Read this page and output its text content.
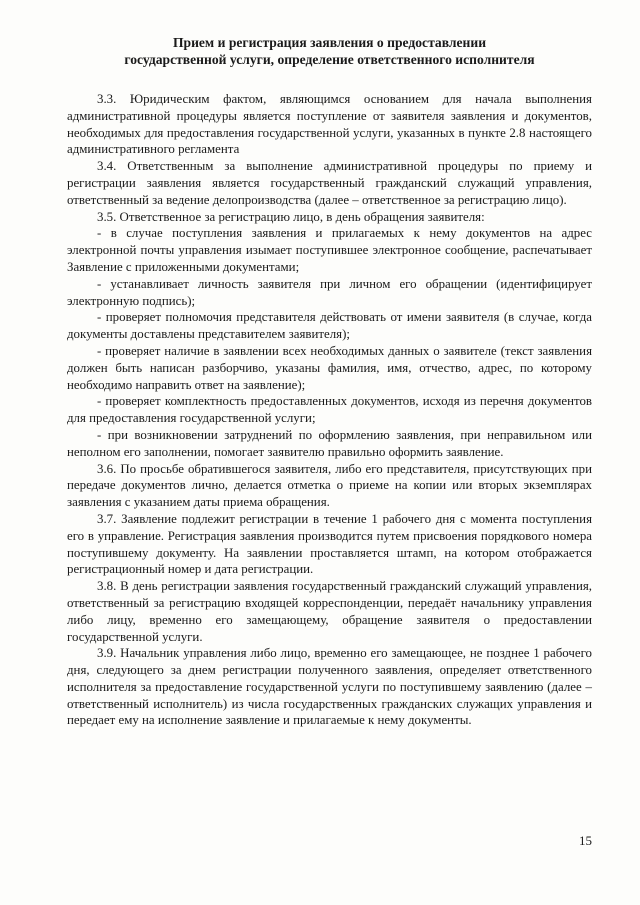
Прием и регистрация заявления о предоставлении
государственной услуги, определение ответственного исполнителя

3.3. Юридическим фактом, являющимся основанием для начала выполнения административной процедуры является поступление от заявителя заявления и документов, необходимых для предоставления государственной услуги, указанных в пункте 2.8 настоящего административного регламента

3.4. Ответственным за выполнение административной процедуры по приему и регистрации заявления является государственный гражданский служащий управления, ответственный за ведение делопроизводства (далее – ответственное за регистрацию лицо).

3.5. Ответственное за регистрацию лицо, в день обращения заявителя:

- в случае поступления заявления и прилагаемых к нему документов на адрес электронной почты управления изымает поступившее электронное сообщение, распечатывает Заявление с приложенными документами;

- устанавливает личность заявителя при личном его обращении (идентифицирует электронную подпись);

- проверяет полномочия представителя действовать от имени заявителя (в случае, когда документы доставлены представителем заявителя);

- проверяет наличие в заявлении всех необходимых данных о заявителе (текст заявления должен быть написан разборчиво, указаны фамилия, имя, отчество, адрес, по которому необходимо направить ответ на заявление);

- проверяет комплектность предоставленных документов, исходя из перечня документов для предоставления государственной услуги;

- при возникновении затруднений по оформлению заявления, при неправильном или неполном его заполнении, помогает заявителю правильно оформить заявление.

3.6. По просьбе обратившегося заявителя, либо его представителя, присутствующих при передаче документов лично, делается отметка о приеме на копии или вторых экземплярах заявления с указанием даты приема обращения.

3.7. Заявление подлежит регистрации в течение 1 рабочего дня с момента поступления его в управление. Регистрация заявления производится путем присвоения порядкового номера поступившему документу. На заявлении проставляется штамп, на котором отображается регистрационный номер и дата регистрации.

3.8. В день регистрации заявления государственный гражданский служащий управления, ответственный за регистрацию входящей корреспонденции, передаёт начальнику управления либо лицу, временно его замещающему, обращение заявителя о предоставлении государственной услуги.

3.9. Начальник управления либо лицо, временно его замещающее, не позднее 1 рабочего дня, следующего за днем регистрации полученного заявления, определяет ответственного исполнителя за предоставление государственной услуги по поступившему заявлению (далее – ответственный исполнитель) из числа государственных гражданских служащих управления и передает ему на исполнение заявление и прилагаемые к нему документы.

15
